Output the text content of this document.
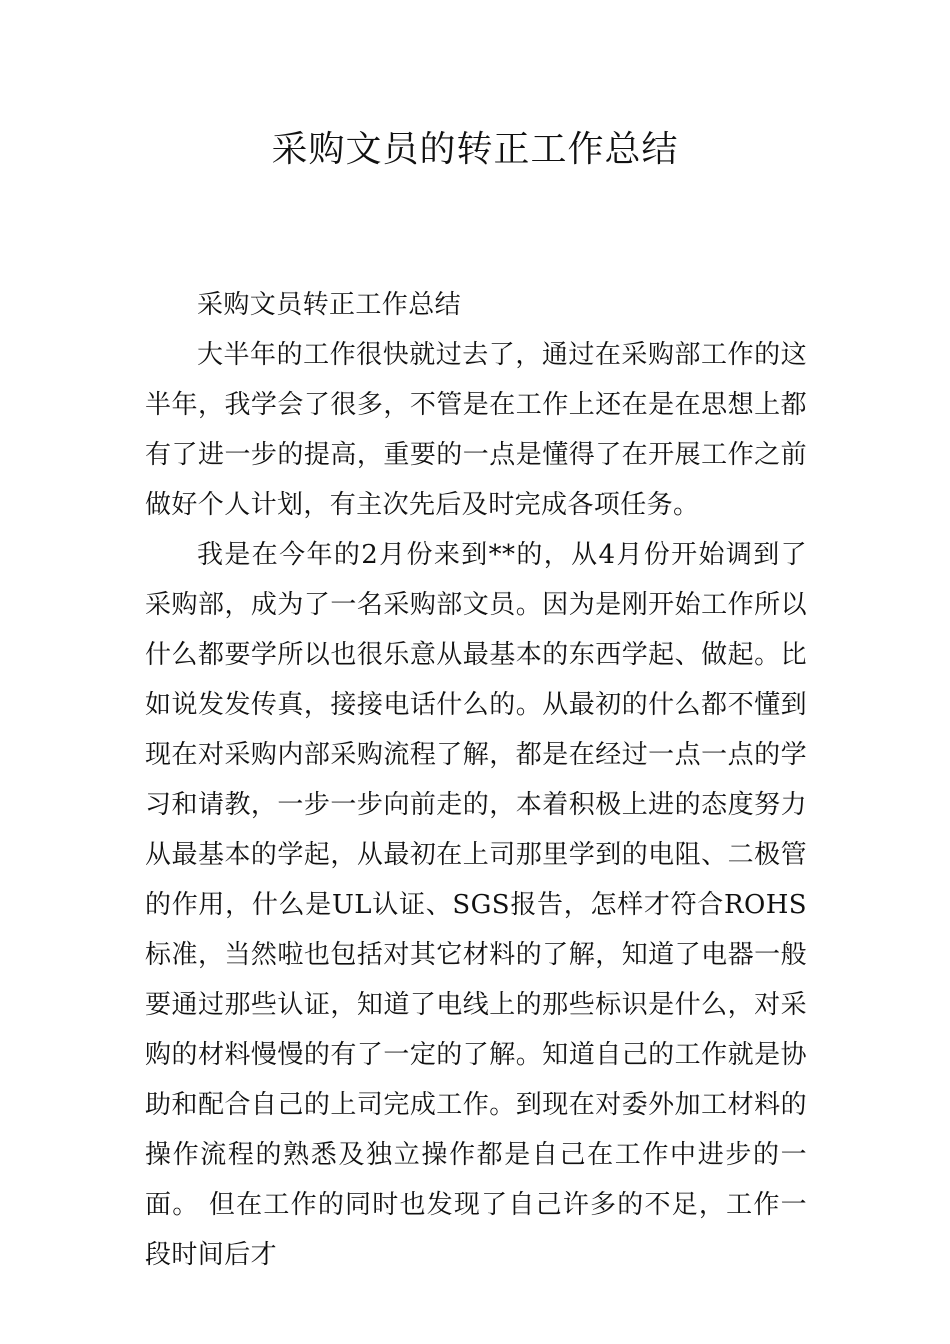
采购文员的转正工作总结

采购文员转正工作总结

大半年的工作很快就过去了，通过在采购部工作的这半年，我学会了很多，不管是在工作上还在是在思想上都有了进一步的提高，重要的一点是懂得了在开展工作之前做好个人计划，有主次先后及时完成各项任务。

我是在今年的2月份来到**的，从4月份开始调到了采购部，成为了一名采购部文员。因为是刚开始工作所以什么都要学所以也很乐意从最基本的东西学起、做起。比如说发发传真，接接电话什么的。从最初的什么都不懂到现在对采购内部采购流程了解，都是在经过一点一点的学习和请教，一步一步向前走的，本着积极上进的态度努力从最基本的学起，从最初在上司那里学到的电阻、二极管的作用，什么是UL认证、SGS报告，怎样才符合ROHS标准，当然啦也包括对其它材料的了解，知道了电器一般要通过那些认证，知道了电线上的那些标识是什么，对采购的材料慢慢的有了一定的了解。知道自己的工作就是协助和配合自己的上司完成工作。到现在对委外加工材料的操作流程的熟悉及独立操作都是自己在工作中进步的一面。 但在工作的同时也发现了自己许多的不足，工作一段时间后才
